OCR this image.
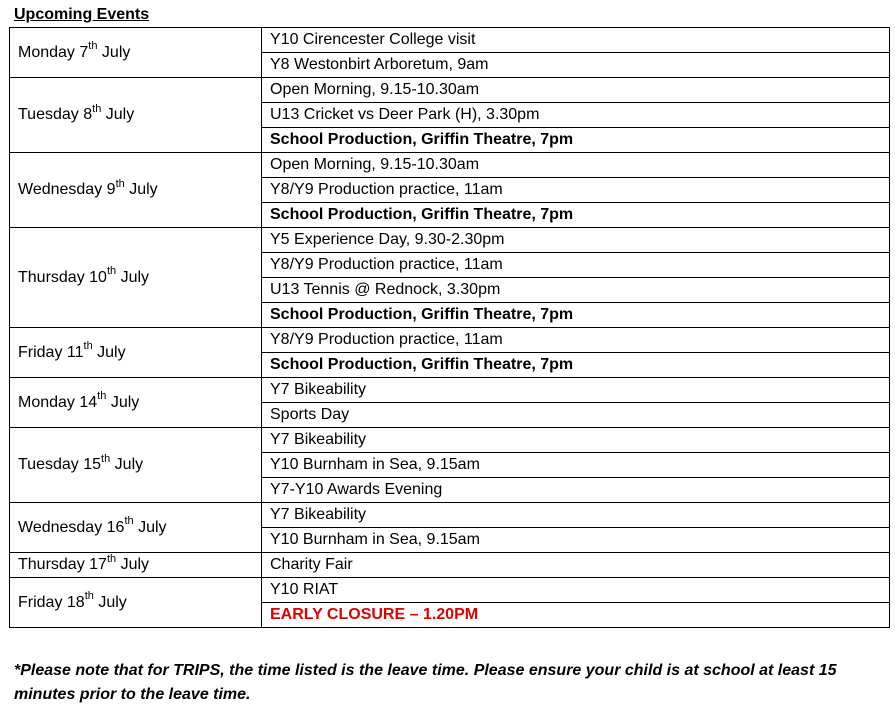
Upcoming Events
Monday 7th July	Y10 Cirencester College visit
	Y8 Westonbirt Arboretum, 9am
Tuesday 8th July	Open Morning, 9.15-10.30am
	U13 Cricket vs Deer Park (H), 3.30pm
	School Production, Griffin Theatre, 7pm
Wednesday 9th July	Open Morning, 9.15-10.30am
	Y8/Y9 Production practice, 11am
	School Production, Griffin Theatre, 7pm
Thursday 10th July	Y5 Experience Day, 9.30-2.30pm
	Y8/Y9 Production practice, 11am
	U13 Tennis @ Rednock, 3.30pm
	School Production, Griffin Theatre, 7pm
Friday 11th July	Y8/Y9 Production practice, 11am
	School Production, Griffin Theatre, 7pm
Monday 14th July	Y7 Bikeability
	Sports Day
Tuesday 15th July	Y7 Bikeability
	Y10 Burnham in Sea, 9.15am
	Y7-Y10 Awards Evening
Wednesday 16th July	Y7 Bikeability
	Y10 Burnham in Sea, 9.15am
Thursday 17th July	Charity Fair
Friday 18th July	Y10 RIAT
	EARLY CLOSURE – 1.20PM
*Please note that for TRIPS, the time listed is the leave time. Please ensure your child is at school at least 15 minutes prior to the leave time.
